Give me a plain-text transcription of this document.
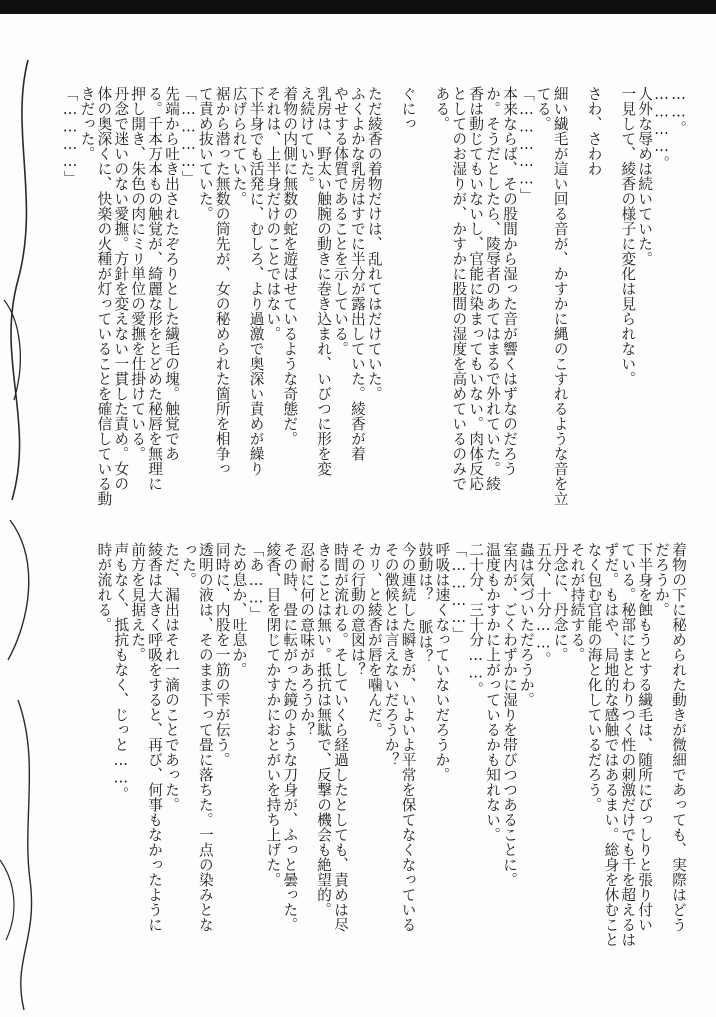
……。
…………。
人外な辱めは続いていた。
一見して、綾香の様子に変化は見られない。
さわ、さわわ
細い繊毛が這い回る音が、かすかに縄のこすれるような音を立
てる。
「……………」
本来ならば、その股間から湿った音が響くはずなのだろう
か。そうだとしたら、陵辱者のあてはまるで外れていた。綾
香は動じてもいないし、官能に染まってもいない。肉体反応
としてのお湿りが、かすかに股間の湿度を高めているのみで
ある。
ぐにっ
ただ綾香の着物だけは、乱れてはだけていた。
ふくよかな乳房はすでに半分が露出していた。綾香が着
やせする体質であることを示している。
乳房は、野太い触腕の動きに巻き込まれ、いびつに形を変
え続けていた。
着物の内側に無数の蛇を遊ばせているような奇態だ。
それは、上半身だけのことではない。
下半身でも活発に、むしろ、より過激で奥深い責めが繰り
広げられていた。
裾から潜った無数の筒先が、女の秘められた箇所を相争っ
て責め抜いていた。
「…………」
先端から吐き出されたぞろりとした繊毛の塊。触覚であ
る。千本万本もの触覚が、綺麗な形をとどめた秘唇を無理に
押し開き、朱色の肉にミリ単位の愛撫を仕掛けている。
丹念で迷いのない愛撫。方針を変えない一貫した責め。女の
体の奥深くに、快楽の火種が灯っていることを確信している動
きだった。
「…………」
着物の下に秘められた動きが微細であっても、実際はどう
だろうか。
下半身を蝕もうとする繊毛は、随所にびっしりと張り付い
ている。秘部にまとわりつく性の刺激だけでも千を超えるは
ずだ。もはや、局地的な感触ではあるまい。総身を休むこと
なく包む官能の海と化しているだろう。
それが持続する。
丹念に、丹念に。
五分、十分……。
蟲は気づいただろうか。
室内が、ごくわずかに湿りを帯びつつあることに。
温度もかすかに上がっているかも知れない。
二十分、三十分……。
「…………」
呼吸は速くなっていないだろうか。
鼓動は？ 脈は？
今の連続した瞬きが、いよいよ平常を保てなくなっている
その徴候とは言えないだろうか？
カリ、と綾香が唇を噛んだ。
その行動の意図は？
時間が流れる。そしていくら経過したとしても、責めは尽
きることは無い。抵抗は無駄で、反撃の機会も絶望的。
忍耐に何の意味があろうか？
その時、畳に転がった鏡のような刀身が、ふっと曇った。
綾香、目を閉じてかすかにおとがいを持ち上げた。
「あ……」
ため息か、吐息か。
同時に、内股を一筋の雫が伝う。
透明の液は、そのまま下って畳に落ちた。一点の染みとな
った。
ただ、漏出はそれ一滴のことであった。
綾香は大きく呼吸をすると、再び、何事もなかったように
前方を見据えた。
声もなく、抵抗もなく、じっと……。
時が流れる。
